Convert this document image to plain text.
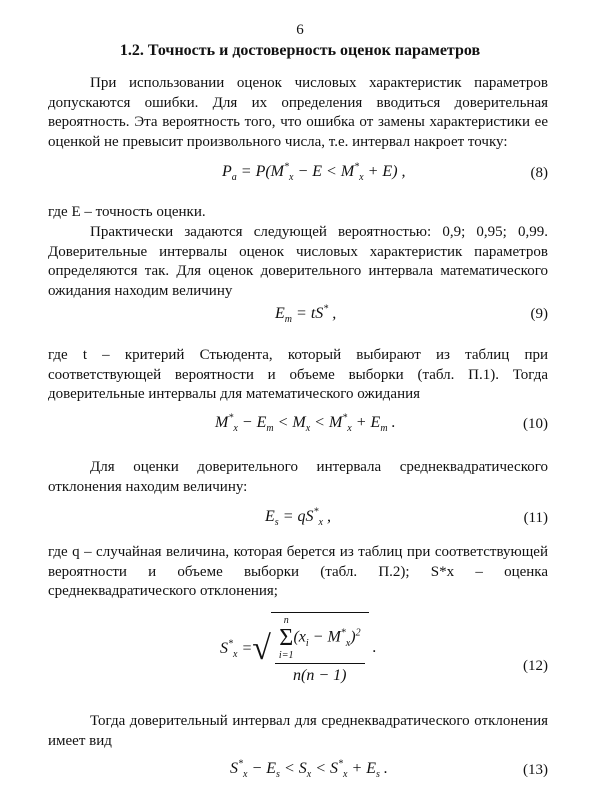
6
1.2. Точность и достоверность оценок параметров

При использовании оценок числовых характеристик параметров допускаются ошибки. Для их определения вводиться доверительная вероятность. Эта вероятность того, что ошибка от замены характеристики ее оценкой не превысит произвольного числа, т.е. интервал накроет точку:

$P_a = P(M^*_x - E < M^*_x + E)$ ,	(8)

где E – точность оценки.

Практически задаются следующей вероятностью: 0,9; 0,95; 0,99. Доверительные интервалы оценок числовых характеристик параметров определяются так. Для оценок доверительного интервала математического ожидания находим величину

$E_m = tS^*$ ,	(9)

где t – критерий Стьюдента, который выбирают из таблиц при соответствующей вероятности и объеме выборки (табл. П.1). Тогда доверительные интервалы для математического ожидания

$M^*_x - E_m < M_x < M^*_x + E_m$ .	(10)

Для оценки доверительного интервала среднеквадратического отклонения находим величину:

$E_s = qS^*_x$ ,	(11)

где q – случайная величина, которая берется из таблиц при соответствующей вероятности и объеме выборки (табл. П.2); S*x – оценка среднеквадратического отклонения;

$S^*_x$ =√ n
Σ
i=1
$(x_i - M^*_x)^2$
n(n − 1) .
(12)

Тогда доверительный интервал для среднеквадратического отклонения имеет вид

$S^*_x - E_s < S_x < S^*_x + E_s$ .	(13)
